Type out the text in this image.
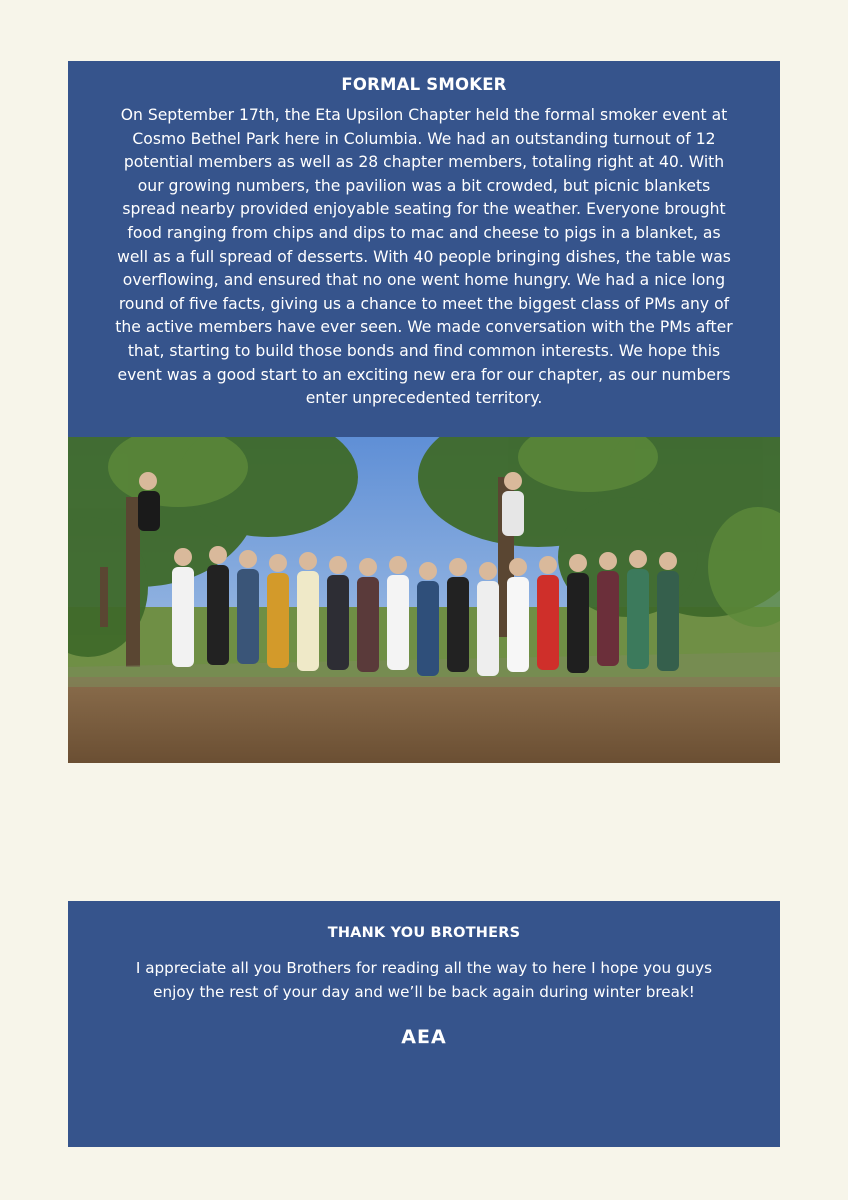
FORMAL SMOKER

On September 17th, the Eta Upsilon Chapter held the formal smoker event at Cosmo Bethel Park here in Columbia. We had an outstanding turnout of 12 potential members as well as 28 chapter members, totaling right at 40. With our growing numbers, the pavilion was a bit crowded, but picnic blankets spread nearby provided enjoyable seating for the weather. Everyone brought food ranging from chips and dips to mac and cheese to pigs in a blanket, as well as a full spread of desserts. With 40 people bringing dishes, the table was overflowing, and ensured that no one went home hungry. We had a nice long round of five facts, giving us a chance to meet the biggest class of PMs any of the active members have ever seen. We made conversation with the PMs after that, starting to build those bonds and find common interests. We hope this event was a good start to an exciting new era for our chapter, as our numbers enter unprecedented territory.

THANK YOU BROTHERS

I appreciate all you Brothers for reading all the way to here I hope you guys enjoy the rest of your day and we’ll be back again during winter break!

ΑΕΑ
